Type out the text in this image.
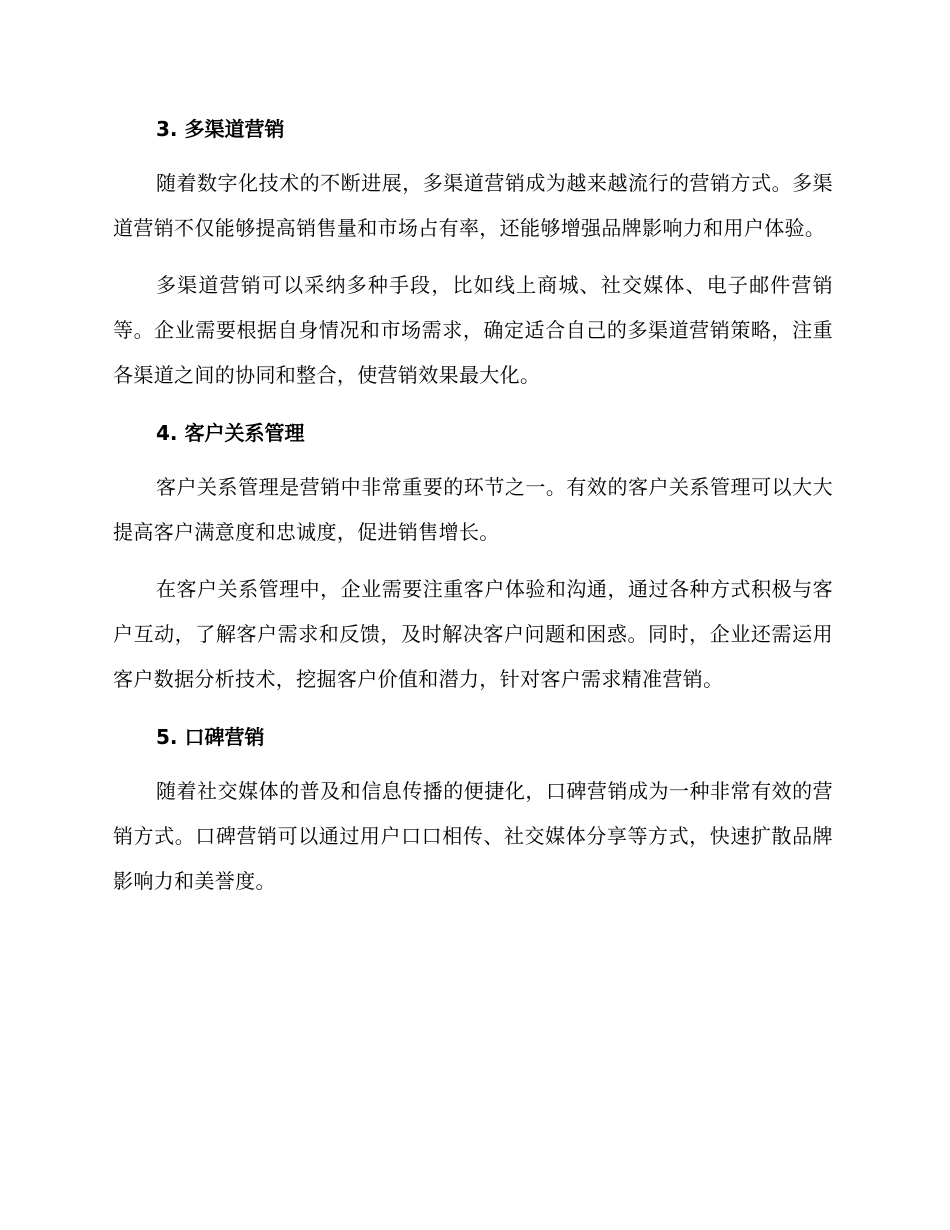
3. 多渠道营销

随着数字化技术的不断进展，多渠道营销成为越来越流行的营销方式。多渠道营销不仅能够提高销售量和市场占有率，还能够增强品牌影响力和用户体验。

多渠道营销可以采纳多种手段，比如线上商城、社交媒体、电子邮件营销等。企业需要根据自身情况和市场需求，确定适合自己的多渠道营销策略，注重各渠道之间的协同和整合，使营销效果最大化。

4. 客户关系管理

客户关系管理是营销中非常重要的环节之一。有效的客户关系管理可以大大提高客户满意度和忠诚度，促进销售增长。

在客户关系管理中，企业需要注重客户体验和沟通，通过各种方式积极与客户互动，了解客户需求和反馈，及时解决客户问题和困惑。同时，企业还需运用客户数据分析技术，挖掘客户价值和潜力，针对客户需求精准营销。

5. 口碑营销

随着社交媒体的普及和信息传播的便捷化，口碑营销成为一种非常有效的营销方式。口碑营销可以通过用户口口相传、社交媒体分享等方式，快速扩散品牌影响力和美誉度。
